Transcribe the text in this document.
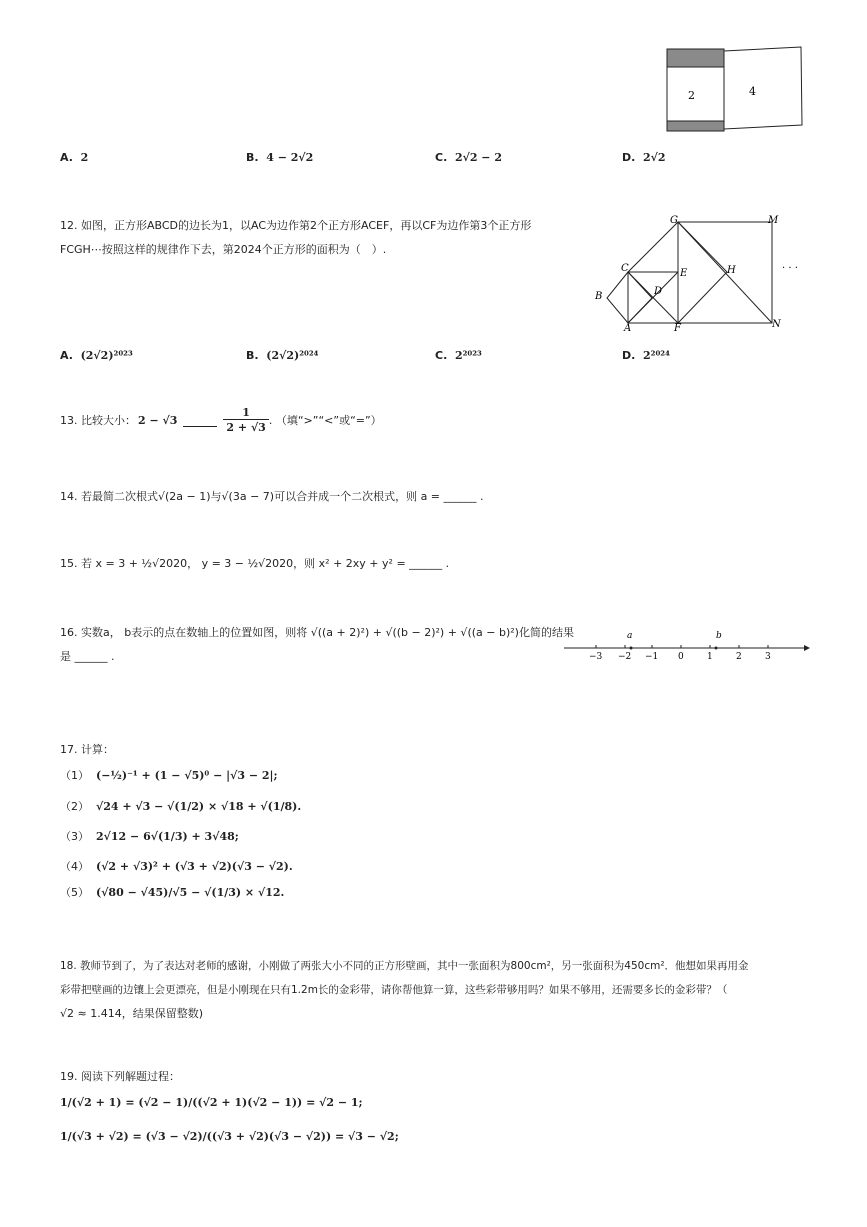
2	4
A. 2	B. 4 − 2√2	C. 2√2 − 2	D. 2√2
12. 如图，正方形ABCD的边长为1，以AC为边作第2个正方形ACEF，再以CF为边作第3个正方形
FCGH⋯按照这样的规律作下去，第2024个正方形的面积为（　）.
G	M
C	E	H
B	D
A	F	N
· · ·
A. (2√2)²⁰²³	B. (2√2)²⁰²⁴	C. 2²⁰²³	D. 2²⁰²⁴
13. 比较大小： 2 − √3	$\frac{1}{2 + √3}$ . （填“>”“<”或“=”）
14. 若最简二次根式√(2a − 1)与√(3a − 7)可以合并成一个二次根式，则 a = ______ .
15. 若 x = 3 + ½√2020， y = 3 − ½√2020，则 x² + 2xy + y² = ______ .
16. 实数a， b表示的点在数轴上的位置如图，则将 √((a + 2)²) + √((b − 2)²) + √((a − b)²)化简的结果
是 ______ .
a	b
−3 −2 −1 0	1	2	3
17. 计算：
（1） (−½)⁻¹ + (1 − √5)⁰ − |√3 − 2|;
（2） √24 + √3 − √(1/2) × √18 + √(1/8).
（3） 2√12 − 6√(1/3) + 3√48;
（4） (√2 + √3)² + (√3 + √2)(√3 − √2).
（5） (√80 − √45)/√5 − √(1/3) × √12.
18. 教师节到了，为了表达对老师的感谢，小刚做了两张大小不同的正方形壁画，其中一张面积为800cm²，另一张面积为450cm²．他想如果再用金
彩带把壁画的边镶上会更漂亮，但是小刚现在只有1.2m长的金彩带，请你帮他算一算，这些彩带够用吗？如果不够用，还需要多长的金彩带？（
√2 ≈ 1.414，结果保留整数)
19. 阅读下列解题过程：
1/(√2 + 1) = (√2 − 1)/((√2 + 1)(√2 − 1)) = √2 − 1;
1/(√3 + √2) = (√3 − √2)/((√3 + √2)(√3 − √2)) = √3 − √2;
